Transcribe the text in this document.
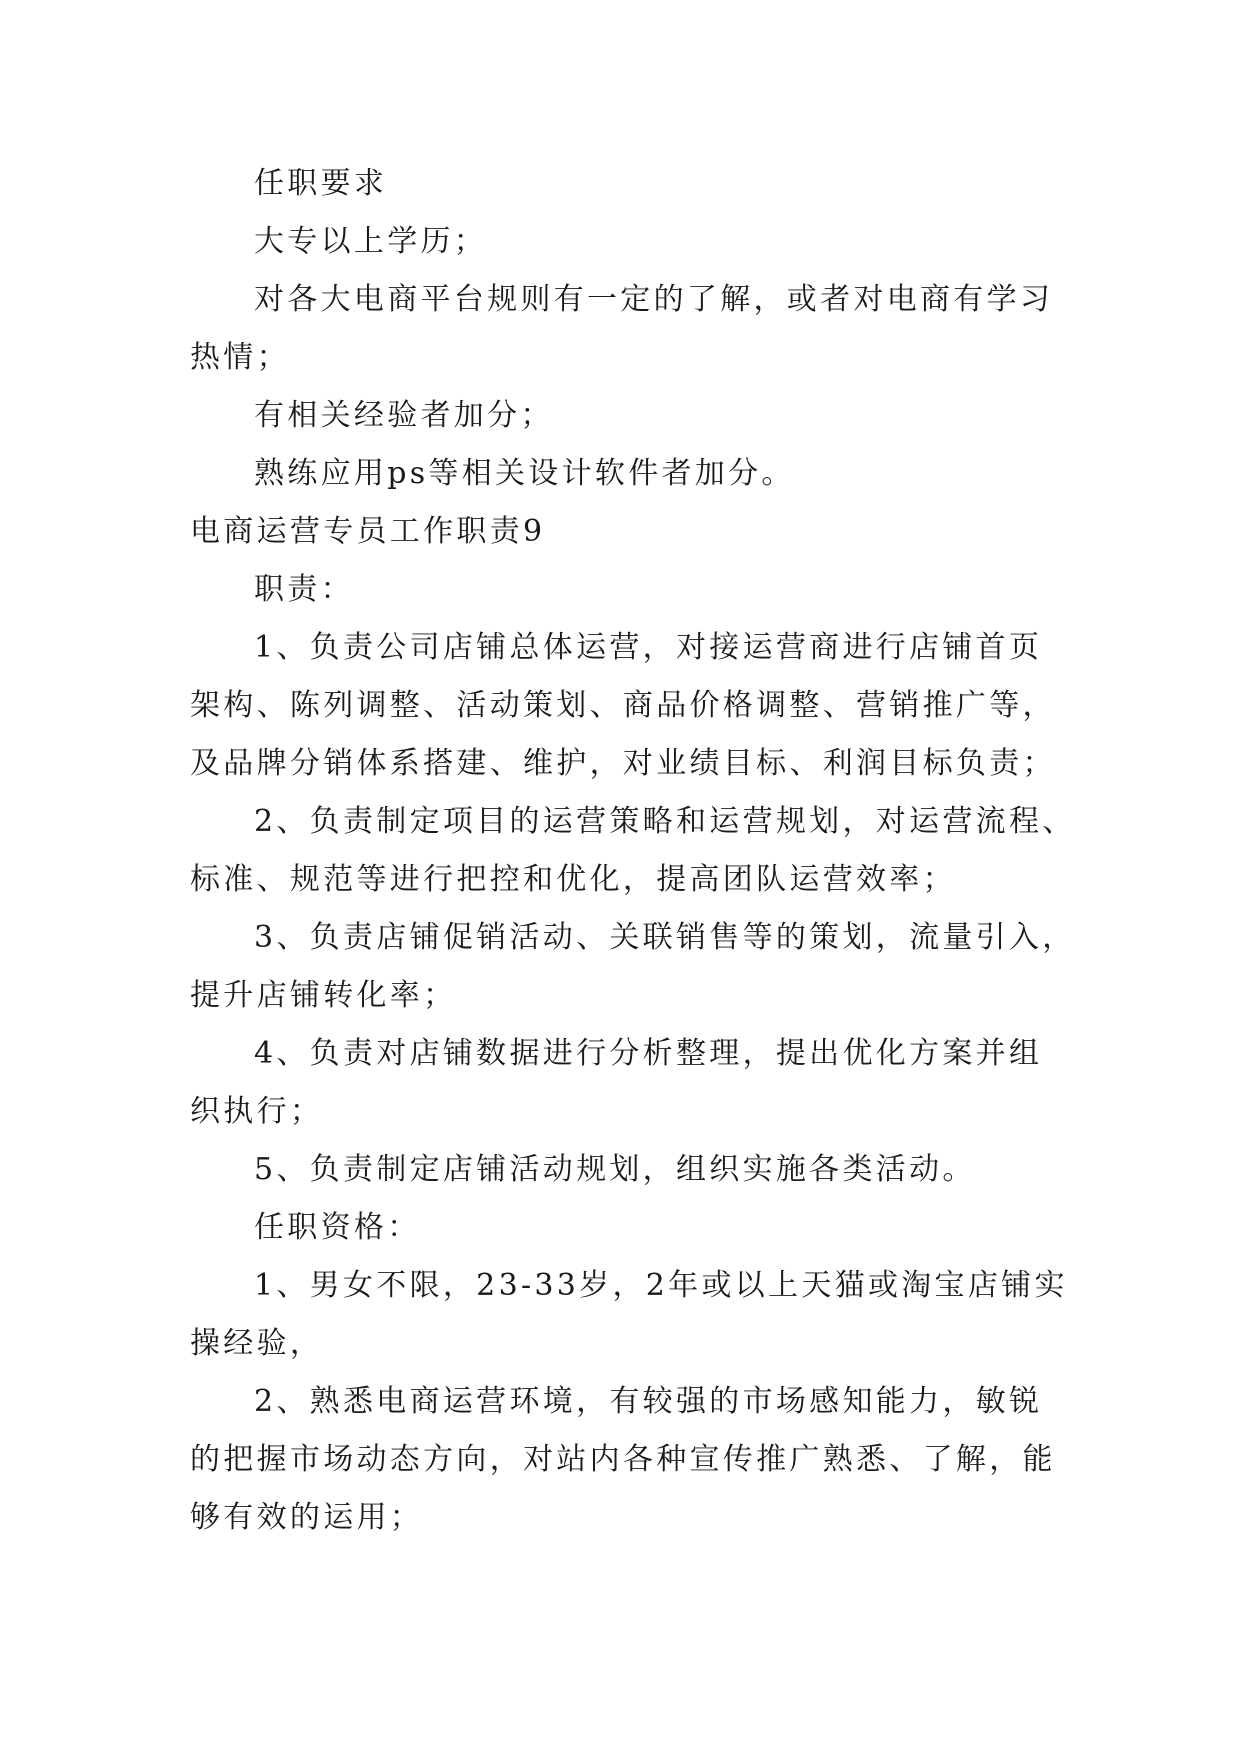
任职要求

大专以上学历；

对各大电商平台规则有一定的了解，或者对电商有学习

热情；

有相关经验者加分；

熟练应用ps等相关设计软件者加分。

电商运营专员工作职责9

职责：

1、负责公司店铺总体运营，对接运营商进行店铺首页

架构、陈列调整、活动策划、商品价格调整、营销推广等，

及品牌分销体系搭建、维护，对业绩目标、利润目标负责；

2、负责制定项目的运营策略和运营规划，对运营流程、

标准、规范等进行把控和优化，提高团队运营效率；

3、负责店铺促销活动、关联销售等的策划，流量引入，

提升店铺转化率；

4、负责对店铺数据进行分析整理，提出优化方案并组

织执行；

5、负责制定店铺活动规划，组织实施各类活动。

任职资格：

1、男女不限，23-33岁，2年或以上天猫或淘宝店铺实

操经验，

2、熟悉电商运营环境，有较强的市场感知能力，敏锐

的把握市场动态方向，对站内各种宣传推广熟悉、了解，能

够有效的运用；
